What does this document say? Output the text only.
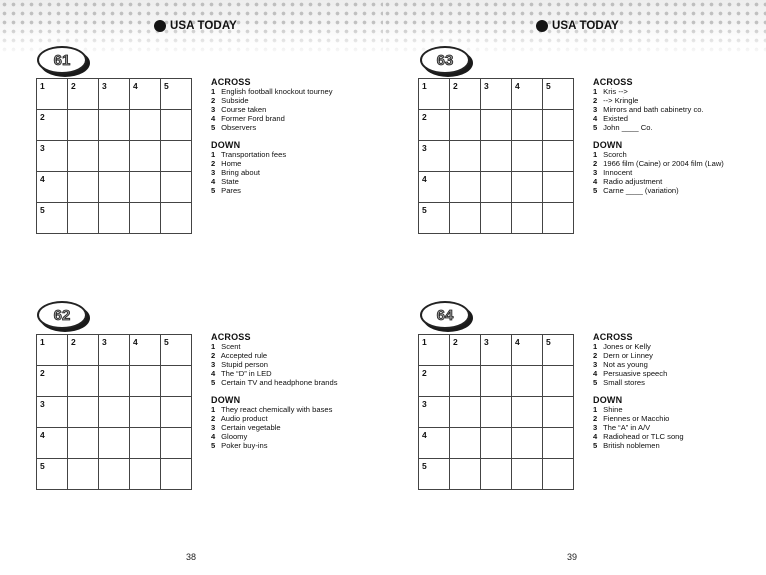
USA TODAY
61
1	2	3	4	5

2				

3				

4				

5				

ACROSS
1 English football knockout tourney
2 Subside
3 Course taken
4 Former Ford brand
5 Observers
DOWN
1 Transportation fees
2 Home
3 Bring about
4 State
5 Pares
62
1	2	3	4	5

2				

3				

4				

5				

ACROSS
1 Scent
2 Accepted rule
3 Stupid person
4 The “D” in LED
5 Certain TV and headphone brands
DOWN
1 They react chemically with bases
2 Audio product
3 Certain vegetable
4 Gloomy
5 Poker buy-ins
38
USA TODAY
63
1	2	3	4	5

2				

3				

4				

5				

ACROSS
1 Kris -->
2 --> Kringle
3 Mirrors and bath cabinetry co.
4 Existed
5 John ____ Co.
DOWN
1 Scorch
2 1966 film (Caine) or 2004 film (Law)
3 Innocent
4 Radio adjustment
5 Carne ____ (variation)
64
1	2	3	4	5

2				

3				

4				

5				

ACROSS
1 Jones or Kelly
2 Dern or Linney
3 Not as young
4 Persuasive speech
5 Small stores
DOWN
1 Shine
2 Fiennes or Macchio
3 The “A” in A/V
4 Radiohead or TLC song
5 British noblemen
39
